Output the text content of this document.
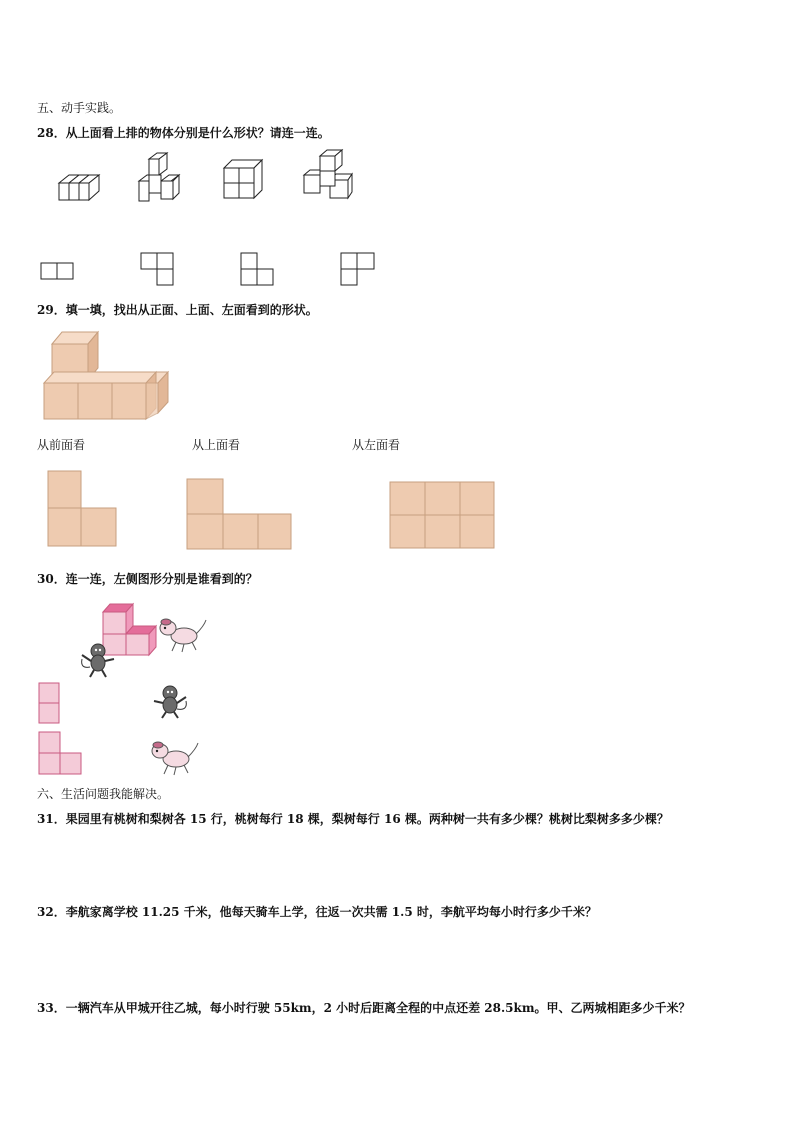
五、动手实践。
28．从上面看上排的物体分别是什么形状？请连一连。
29．填一填，找出从正面、上面、左面看到的形状。
从前面看	从上面看	从左面看
30．连一连，左侧图形分别是谁看到的？
六、生活问题我能解决。
31．果园里有桃树和梨树各 15 行，桃树每行 18 棵，梨树每行 16 棵。两种树一共有多少棵？桃树比梨树多多少棵？
32．李航家离学校 11.25 千米，他每天骑车上学，往返一次共需 1.5 时，李航平均每小时行多少千米？
33．一辆汽车从甲城开往乙城，每小时行驶 55km，2 小时后距离全程的中点还差 28.5km。甲、乙两城相距多少千米？
